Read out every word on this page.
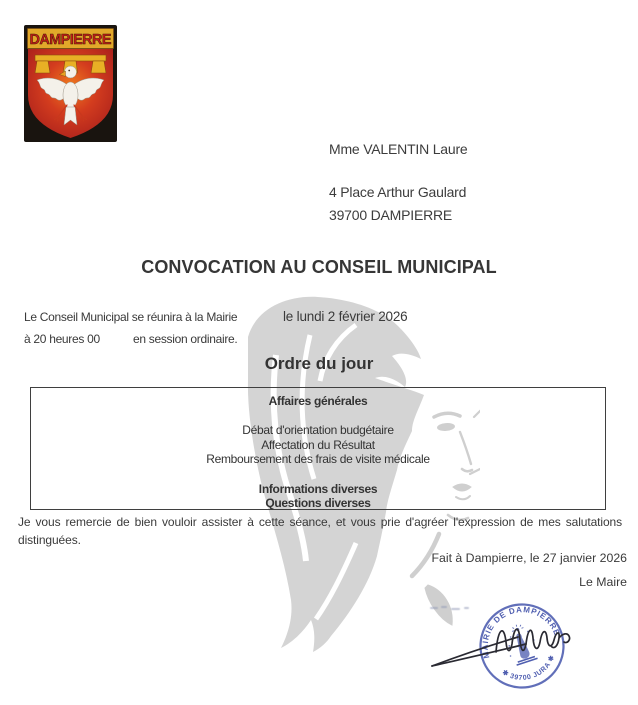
DAMPIERRE
Mme VALENTIN Laure
4 Place Arthur Gaulard
39700 DAMPIERRE
CONVOCATION AU CONSEIL MUNICIPAL
Le Conseil Municipal se réunira à la Mairie	le lundi 2 février 2026
à 20 heures 00	en session ordinaire.
Ordre du jour
Affaires générales
Débat d'orientation budgétaire
Affectation du Résultat
Remboursement des frais de visite médicale
Informations diverses
Questions diverses
Je vous remercie de bien vouloir assister à cette séance, et vous prie d'agréer l'expression de mes salutations distinguées.
Fait à Dampierre, le 27 janvier 2026
Le Maire
MAIRIE DE DAMPIERRE
✱ 39700 JURA ✱
